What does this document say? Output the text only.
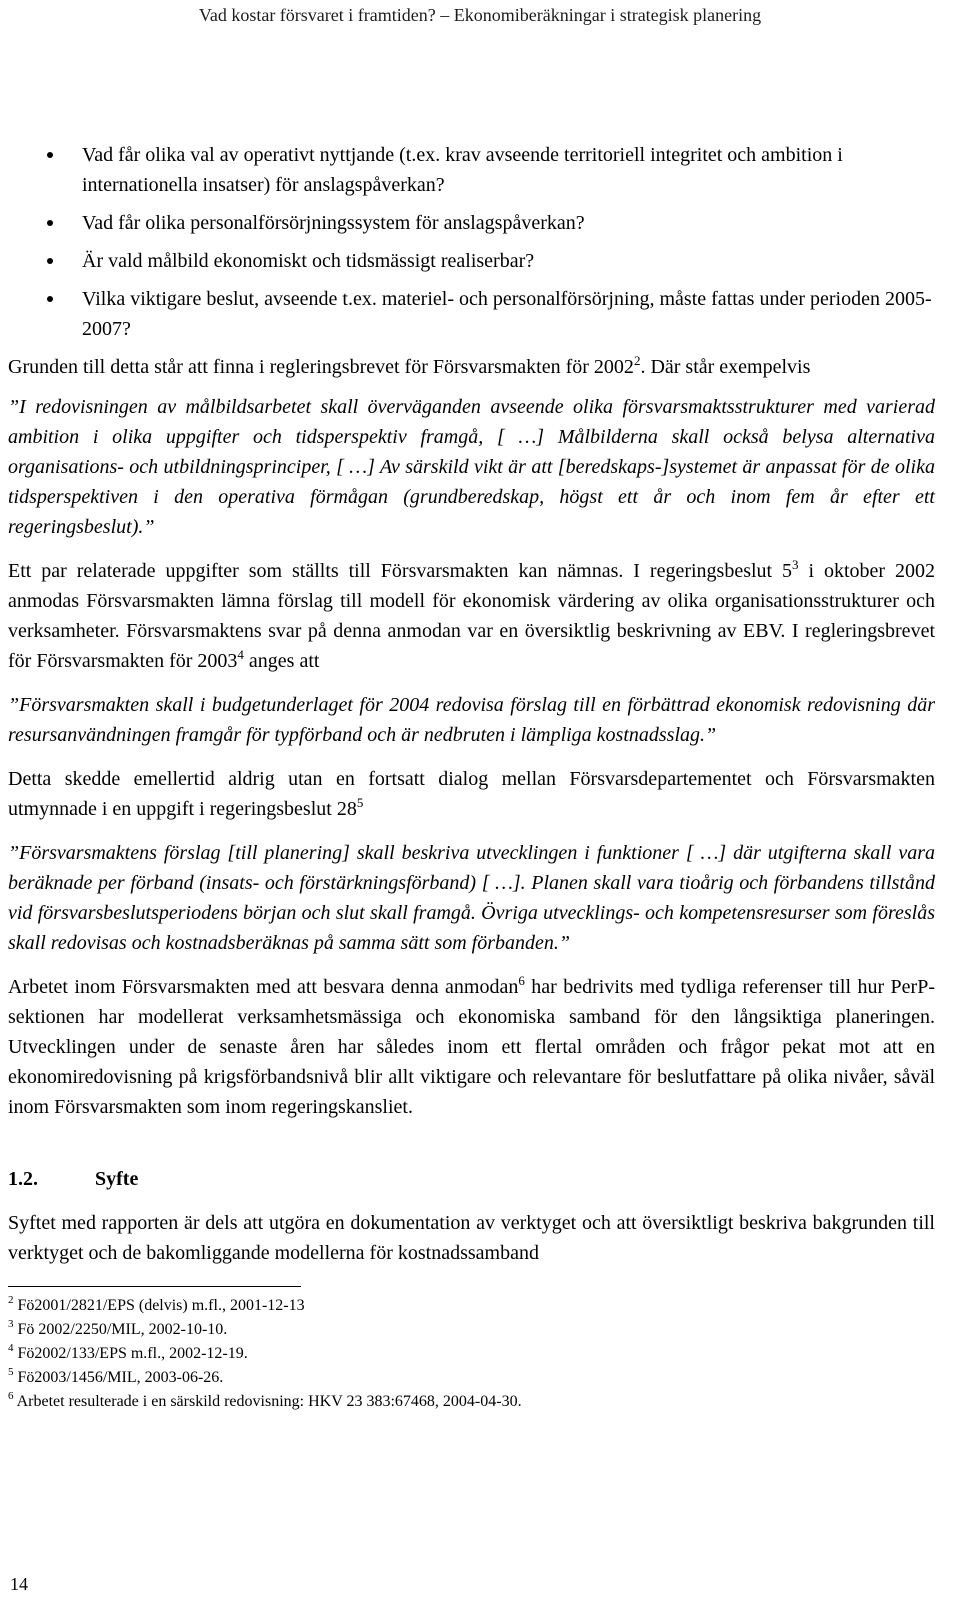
Vad kostar försvaret i framtiden? – Ekonomiberäkningar i strategisk planering
Vad får olika val av operativt nyttjande (t.ex. krav avseende territoriell integritet och ambition i internationella insatser) för anslagspåverkan?
Vad får olika personalförsörjningssystem för anslagspåverkan?
Är vald målbild ekonomiskt och tidsmässigt realiserbar?
Vilka viktigare beslut, avseende t.ex. materiel- och personalförsörjning, måste fattas under perioden 2005-2007?

Grunden till detta står att finna i regleringsbrevet för Försvarsmakten för 2002$^2$. Där står exempelvis

”I redovisningen av målbildsarbetet skall överväganden avseende olika försvarsmaktsstrukturer med varierad ambition i olika uppgifter och tidsperspektiv framgå, [ …] Målbilderna skall också belysa alternativa organisations- och utbildningsprinciper, [ …] Av särskild vikt är att [beredskaps-]systemet är anpassat för de olika tidsperspektiven i den operativa förmågan (grundberedskap, högst ett år och inom fem år efter ett regeringsbeslut).”

Ett par relaterade uppgifter som ställts till Försvarsmakten kan nämnas. I regeringsbeslut $5^3$ i oktober 2002 anmodas Försvarsmakten lämna förslag till modell för ekonomisk värdering av olika organisationsstrukturer och verksamheter. Försvarsmaktens svar på denna anmodan var en översiktlig beskrivning av EBV. I regleringsbrevet för Försvarsmakten för 2003$^4$ anges att

”Försvarsmakten skall i budgetunderlaget för 2004 redovisa förslag till en förbättrad ekonomisk redovisning där resursanvändningen framgår för typförband och är nedbruten i lämpliga kostnadsslag.”

Detta skedde emellertid aldrig utan en fortsatt dialog mellan Försvarsdepartementet och Försvarsmakten utmynnade i en uppgift i regeringsbeslut $28^5$

”Försvarsmaktens förslag [till planering] skall beskriva utvecklingen i funktioner [ …] där utgifterna skall vara beräknade per förband (insats- och förstärkningsförband) [ …]. Planen skall vara tioårig och förbandens tillstånd vid försvarsbeslutsperiodens början och slut skall framgå. Övriga utvecklings- och kompetensresurser som föreslås skall redovisas och kostnadsberäknas på samma sätt som förbanden.”

Arbetet inom Försvarsmakten med att besvara denna anmodan$^6$ har bedrivits med tydliga referenser till hur PerP-sektionen har modellerat verksamhetsmässiga och ekonomiska samband för den långsiktiga planeringen. Utvecklingen under de senaste åren har således inom ett flertal områden och frågor pekat mot att en ekonomiredovisning på krigsförbandsnivå blir allt viktigare och relevantare för beslutfattare på olika nivåer, såväl inom Försvarsmakten som inom regeringskansliet.

1.2.	Syfte

Syftet med rapporten är dels att utgöra en dokumentation av verktyget och att översiktligt beskriva bakgrunden till verktyget och de bakomliggande modellerna för kostnadssamband

$^2$ Fö2001/2821/EPS (delvis) m.fl., 2001-12-13
$^3$ Fö 2002/2250/MIL, 2002-10-10.
$^4$ Fö2002/133/EPS m.fl., 2002-12-19.
$^5$ Fö2003/1456/MIL, 2003-06-26.
$^6$ Arbetet resulterade i en särskild redovisning: HKV 23 383:67468, 2004-04-30.
14
